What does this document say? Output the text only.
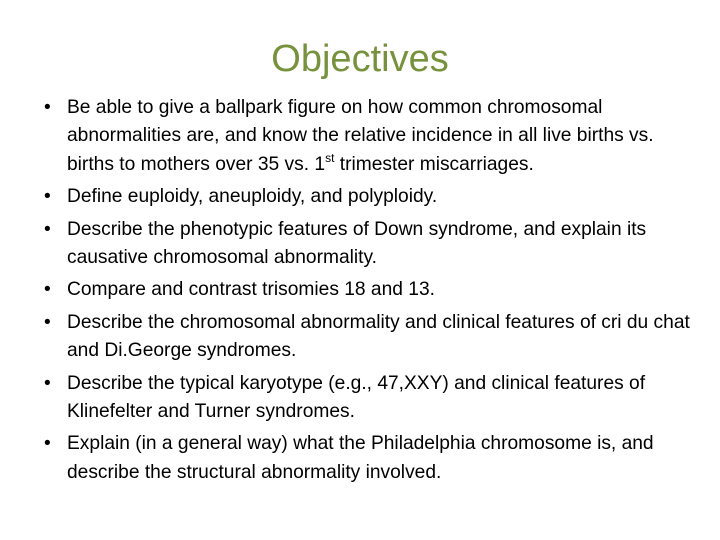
Objectives
• Be able to give a ballpark figure on how common chromosomal abnormalities are, and know the relative incidence in all live births vs. births to mothers over 35 vs. 1st trimester miscarriages.
• Define euploidy, aneuploidy, and polyploidy.
• Describe the phenotypic features of Down syndrome, and explain its causative chromosomal abnormality.
• Compare and contrast trisomies 18 and 13.
• Describe the chromosomal abnormality and clinical features of cri du chat and Di.George syndromes.
• Describe the typical karyotype (e.g., 47,XXY) and clinical features of Klinefelter and Turner syndromes.
• Explain (in a general way) what the Philadelphia chromosome is, and describe the structural abnormality involved.
